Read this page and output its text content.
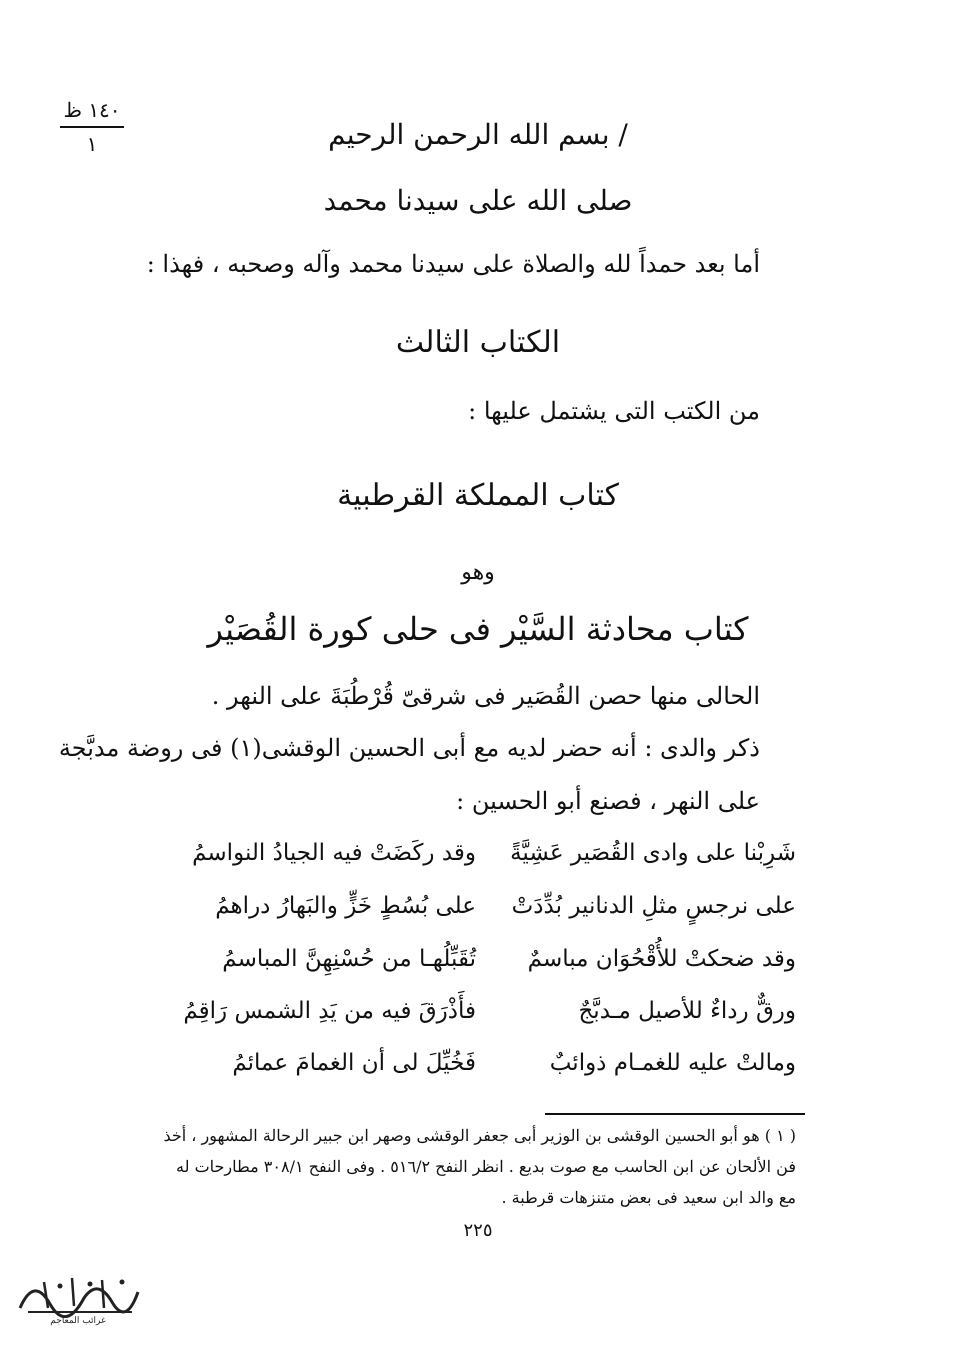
١٤٠ ظ
١	/ بسم الله الرحمن الرحيم
صلى الله على سيدنا محمد
أما بعد حمداً لله والصلاة على سيدنا محمد وآله وصحبه ، فهذا :
الكتاب الثالث
من الكتب التى يشتمل عليها :
كتاب المملكة القرطبية
وهو
كتاب محادثة السَّيْر فى حلى كورة القُصَيْر
الحالى منها حصن القُصَير فى شرقىّ قُرْطُبَةَ على النهر .
ذكر والدى : أنه حضر لديه مع أبى الحسين الوقشى(١) فى روضة مدبَّجة
على النهر ، فصنع أبو الحسين :
شَرِبْنا على وادى القُصَير عَشِيَّةً
وقد ركَضَتْ فيه الجيادُ النواسمُ
على نرجسٍ مثلِ الدنانير بُدِّدَتْ
على بُسُطٍ خَزٍّ والبَهارُ دراهمُ
وقد ضحكتْ للأُقْحُوَان مباسمٌ
تُقَبِّلُهـا من حُسْنِهِنَّ المباسمُ
ورقٌّ رداءٌ للأصيل مـدبَّجٌ
فأَذْرَقَ فيه من يَدِ الشمس رَاقِمُ
ومالتْ عليه للغمـام ذوائبٌ
فَخُيِّلَ لى أن الغمامَ عمائمُ
( ١ ) هو أبو الحسين الوقشى بن الوزير أبى جعفر الوقشى وصهر ابن جبير الرحالة المشهور ، أخذ
فن الألحان عن ابن الحاسب مع صوت بديع . انظر النفح ٥١٦/٢ . وفى النفح ٣٠٨/١ مطارحات له
مع والد ابن سعيد فى بعض متنزهات قرطبة .
٢٢٥
غرائب المعاجم
